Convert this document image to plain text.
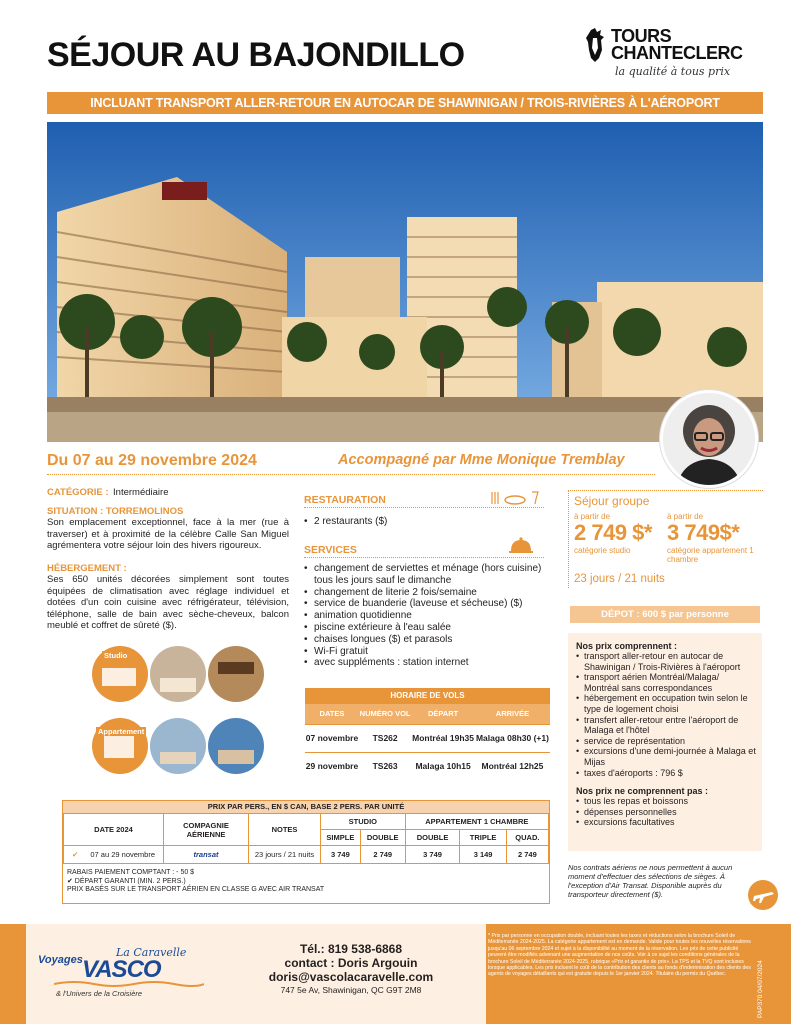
SÉJOUR AU BAJONDILLO	TOURS
CHANTECLERC
la qualité à tous prix
INCLUANT TRANSPORT ALLER-RETOUR EN AUTOCAR DE SHAWINIGAN / TROIS-RIVIÈRES À L'AÉROPORT
Du 07 au 29 novembre 2024	Accompagné par Mme Monique Tremblay
CATÉGORIE : Intermédiaire
SITUATION : TORREMOLINOS
Son emplacement exceptionnel, face à la mer (rue à traverser) et à proximité de la célèbre Calle San Miguel agrémentera votre séjour loin des hivers rigoureux.
HÉBERGEMENT :
Ses 650 unités décorées simplement sont toutes équipées de climatisation avec réglage individuel et dotées d'un coin cuisine avec réfrigérateur, télévision, téléphone, salle de bain avec sèche-cheveux, balcon meublé et coffret de sûreté ($).
Studio
Appartement
RESTAURATION
• 2 restaurants ($)
SERVICES
• changement de serviettes et ménage (hors cuisine) tous les jours sauf le dimanche
• changement de literie 2 fois/semaine
• service de buanderie (laveuse et sécheuse) ($)
• animation quotidienne
• piscine extérieure à l'eau salée
• chaises longues ($) et parasols
• Wi-Fi gratuit
• avec suppléments : station internet
HORAIRE DE VOLS
DATES	NUMÉRO VOL	DÉPART	ARRIVÉE
07 novembre	TS262	Montréal 19h35	Malaga 08h30 (+1)
29 novembre	TS263	Malaga 10h15	Montréal 12h25
Séjour groupe
à partir de
2 749 $*
catégorie studio
à partir de
3 749$*
catégorie appartement 1 chambre
23 jours / 21 nuits
DÉPOT : 600 $ par personne
Nos prix comprennent :
• transport aller-retour en autocar de Shawinigan / Trois-Rivières à l'aéroport
• transport aérien Montréal/Malaga/ Montréal sans correspondances
• hébergement en occupation twin selon le type de logement choisi
• transfert aller-retour entre l'aéroport de Malaga et l'hôtel
• service de représentation
• excursions d'une demi-journée à Malaga et Mijas
• taxes d'aéroports : 796 $
Nos prix ne comprennent pas :
• tous les repas et boissons
• dépenses personnelles
• excursions facultatives
Nos contrats aériens ne nous permettent à aucun moment d'effectuer des sélections de sièges. À l'exception d'Air Transat. Disponible auprès du transporteur directement ($).
PRIX PAR PERS., EN $ CAN, BASE 2 PERS. PAR UNITÉ
DATE 2024	COMPAGNIE AÉRIENNE	NOTES	STUDIO		APPARTEMENT 1 CHAMBRE		
			SIMPLE	DOUBLE	DOUBLE	TRIPLE	QUAD.
✔ 07 au 29 novembre	transat	23 jours / 21 nuits	3 749	2 749	3 749	3 149	2 749
RABAIS PAIEMENT COMPTANT : - 50 $
✔ DÉPART GARANTI (MIN. 2 PERS.)
PRIX BASÉS SUR LE TRANSPORT AÉRIEN EN CLASSE G AVEC AIR TRANSAT
La Caravelle
Voyages VASCO
& l'Univers de la Croisière
Tél.: 819 538-6868
contact : Doris Argouin
doris@vascolacaravelle.com
747 5e Av, Shawinigan, QC G9T 2M8
* Prix par personne en occupation double, incluant toutes les taxes et réductions selon la brochure Soleil de Méditerranée 2024-2025. La catégorie appartement est en demande. Valide pour toutes les nouvelles réservations jusqu'au 06 septembre 2024 et sujet à la disponibilité au moment de la réservation. Les prix de cette publicité peuvent être modifiés advenant une augmentation de nos coûts. Voir à ce sujet les conditions générales de la brochure Soleil de Méditerranée 2024-2025, rubrique «Prix et garantie de prix». La TPS et la TVQ sont incluses lorsque applicables. Les prix incluent le coût de la contribution des clients au fonds d'indemnisation des clients des agents de voyages détaillants qui est gratuite depuis le 1er janvier 2024. Titulaire du permis du Québec.	PAP370 04/07/2024
